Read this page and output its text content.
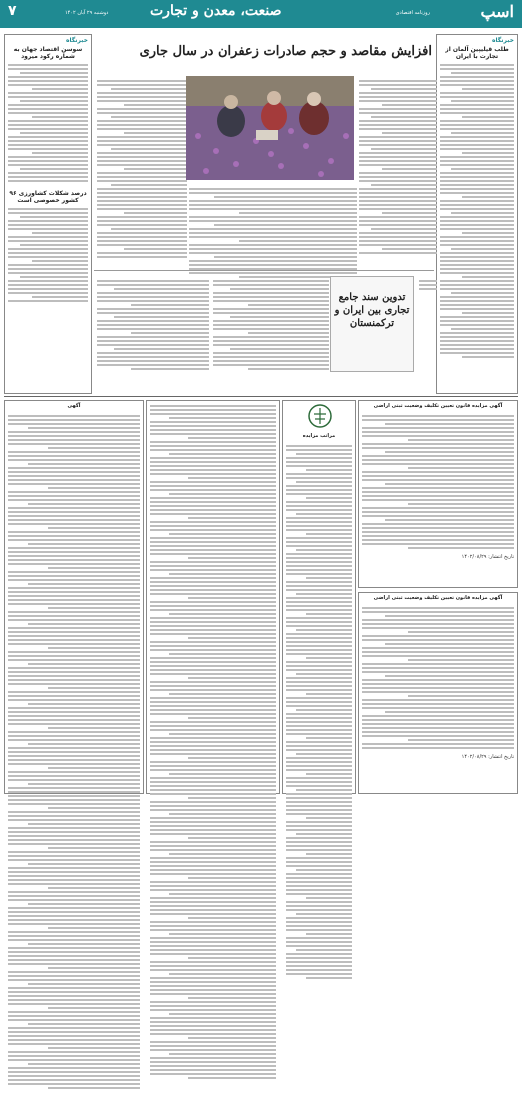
اسپ
روزنامه اقتصادی
صنعت، معدن و تجارت
دوشنبه ۲۹ آبان ۱۴۰۲
۷
خبرنگاه
سوسن اقتصاد جهان به شماره رکود میرود
۹۶ درصد شکلات کشاورزی کشور خصوصی است
خبرنگاه
طلب قیلیپین آلمان از تجارت با ایران
افزایش مقاصد و حجم صادرات زعفران در سال جاری
تدوین سند جامع تجاری بین ایران و ترکمنستان
آگهی
مراتب مزایده
آگهی مزایده قانون تعیین تکلیف وضعیت ثبتی اراضی
تاریخ انتشار: ۱۴۰۲/۰۸/۲۹
آگهی مزایده قانون تعیین تکلیف وضعیت ثبتی اراضی
تاریخ انتشار: ۱۴۰۲/۰۸/۲۹
